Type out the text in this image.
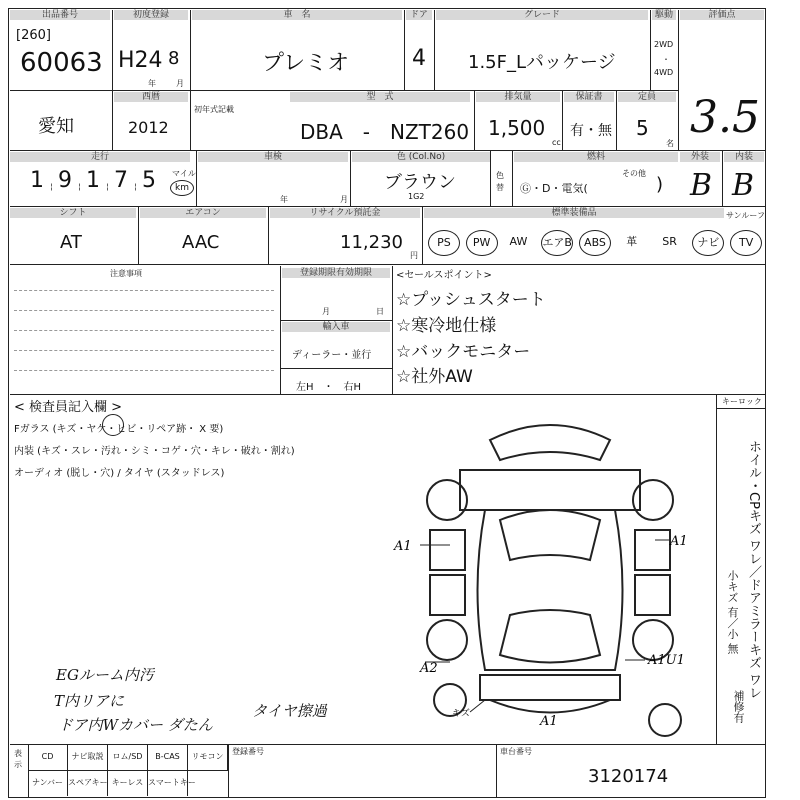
出品番号
[260]
60063
初度登録
H24 8
年	月
車　名
プレミオ
ドア
4
グレード
1.5F_Lパッケージ
駆動
2WD
・
4WD
評価点
3.5
愛知
西暦
2012
初年式記載
型　式
DBA　-　NZT260
排気量
1,500
cc
保証書
有・無
定員
5
名
走行
1 9
¦ 1
¦ 7
¦ 5
¦
マイル
km
車検
年	月
色 (Col.No)
ブラウン
1G2
色替
燃料
Ⓖ・D・電気(
その他
)
外装
B
内装
B
シフト
AT
エアコン
AAC
リサイクル預託金
11,230
円
標準装備品	サンルーフ
PS	PW	AW	エアB	ABS	革	SR	ナビ	TV
注意事項	登録期限有効期限
月	日
輸入車
ディーラー・並行
左H　・　右H
<セールスポイント>
☆プッシュスタート
☆寒冷地仕様
☆バックモニター
☆社外AW
< 検査員記入欄 >
Fガラス (キズ・ヤケ・ヒビ・リペア跡・ X 要)
内装 (キズ・スレ・汚れ・シミ・コゲ・穴・キレ・破れ・割れ)
オーディオ (脱し・穴) / タイヤ (スタッドレス)
EGルーム内汚
T内リアに
ドア内Wカバー ダたん
タイヤ擦過
キーロック
ホイル・CPキズ ワレ／ドアミラーキズ ワレ
小キズ 有／小 無
補修有
A1	A1
A2
A1U1
A1
キズ
表示
CD	ナビ取説	ロム/SD	B-CAS	リモコン
ナンバー スペアキー キーレス スマートキー
登録番号	車台番号
3120174
